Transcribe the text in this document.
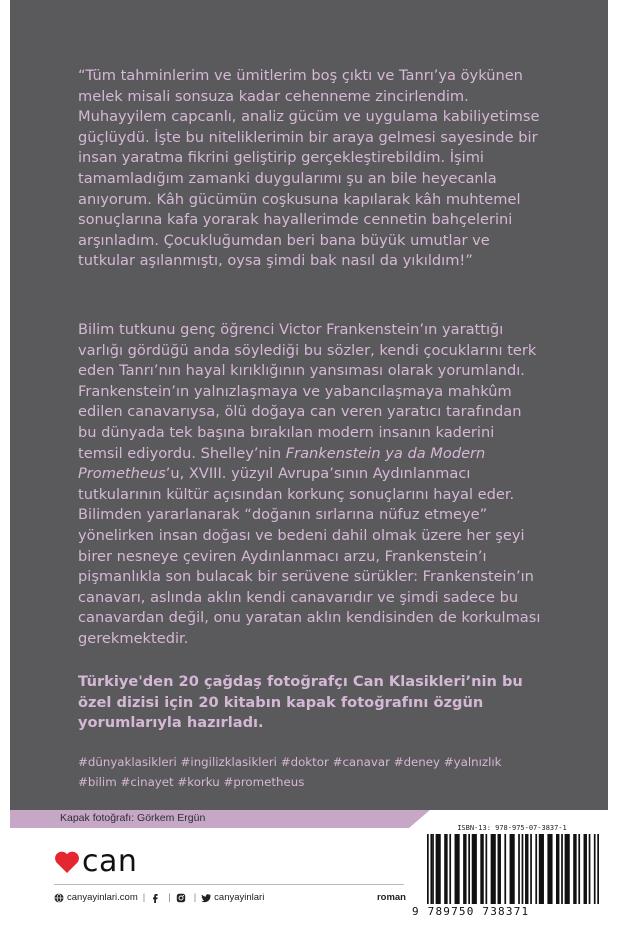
“Tüm tahminlerim ve ümitlerim boş çıktı ve Tanrı’ya öykünen melek misali sonsuza kadar cehenneme zincirlendim. Muhayyilem capcanlı, analiz gücüm ve uygulama kabiliyetimse güçlüydü. İşte bu niteliklerimin bir araya gelmesi sayesinde bir insan yaratma fikrini geliştirip gerçekleştirebildim. İşimi tamamladığım zamanki duygularımı şu an bile heyecanla anıyorum. Kâh gücümün coşkusuna kapılarak kâh muhtemel sonuçlarına kafa yorarak hayallerimde cennetin bahçelerini arşınladım. Çocukluğumdan beri bana büyük umutlar ve tutkular aşılanmıştı, oysa şimdi bak nasıl da yıkıldım!”

Bilim tutkunu genç öğrenci Victor Frankenstein’ın yarattığı varlığı gördüğü anda söylediği bu sözler, kendi çocuklarını terk eden Tanrı’nın hayal kırıklığının yansıması olarak yorumlandı. Frankenstein’ın yalnızlaşmaya ve yabancılaşmaya mahkûm edilen canavarıysa, ölü doğaya can veren yaratıcı tarafından bu dünyada tek başına bırakılan modern insanın kaderini temsil ediyordu. Shelley’nin Frankenstein ya da Modern Prometheus’u, XVIII. yüzyıl Avrupa’sının Aydınlanmacı tutkularının kültür açısından korkunç sonuçlarını hayal eder. Bilimden yararlanarak “doğanın sırlarına nüfuz etmeye” yönelirken insan doğası ve bedeni dahil olmak üzere her şeyi birer nesneye çeviren Aydınlanmacı arzu, Frankenstein’ı pişmanlıkla son bulacak bir serüvene sürükler: Frankenstein’ın canavarı, aslında aklın kendi canavarıdır ve şimdi sadece bu canavardan değil, onu yaratan aklın kendisinden de korkulması gerekmektedir.

Türkiye'den 20 çağdaş fotoğrafçı Can Klasikleri’nin bu özel dizisi için 20 kitabın kapak fotoğrafını özgün yorumlarıyla hazırladı.

#dünyaklasikleri #ingilizklasikleri #doktor #canavar #deney #yalnızlık
#bilim #cinayet #korku #prometheus
Kapak fotoğrafı: Görkem Ergün
can
canyayinlari.com | | | canyayinlari	roman
ISBN-13: 978-975-07-3837-1
9 789750 738371
